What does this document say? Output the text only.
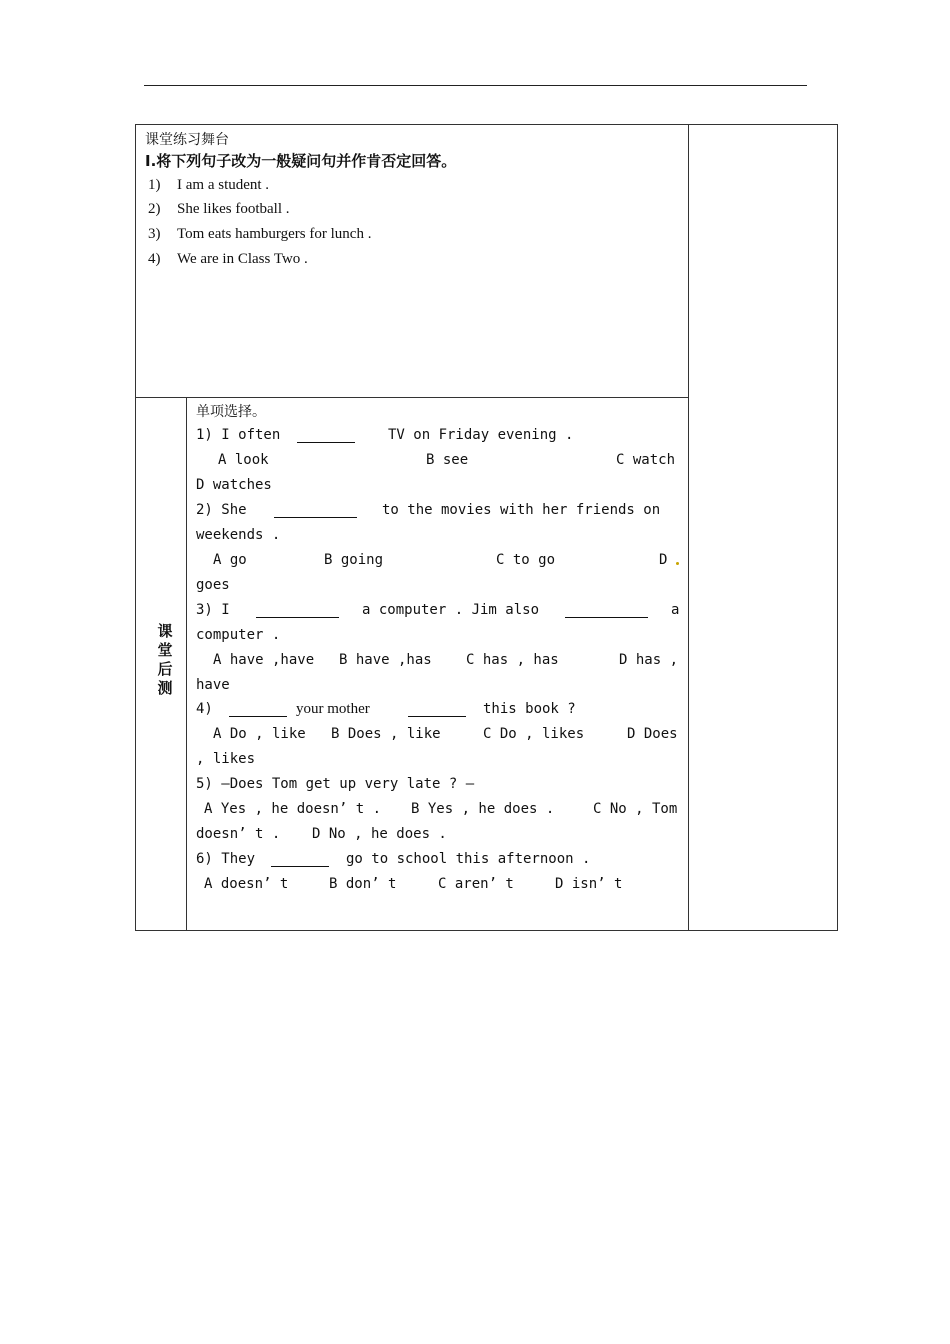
课堂练习舞台
I.将下列句子改为一般疑问句并作肯否定回答。
1) I am a student .
2) She likes football .
3) Tom eats hamburgers for lunch .
4) We are in Class Two .
课堂后测
单项选择。
1) I often	TV on Friday evening .
A look	B see	C watch
D watches
2) She	to the movies with her friends on
weekends .
A go	B going	C to go	D
goes
3) I	a computer . Jim also	a
computer .
A have ,have B have ,has C has , has	D has ,
have
4)	your mother	this book ?
A Do , like B Does , like	C Do , likes	D Does
, likes
5) —Does Tom get up very late ? —
A Yes , he doesn’ t . B Yes , he does .	C No , Tom
doesn’ t . D No , he does .
6) They	go to school this afternoon .
A doesn’ t	B don’ t	C aren’ t	D isn’ t
